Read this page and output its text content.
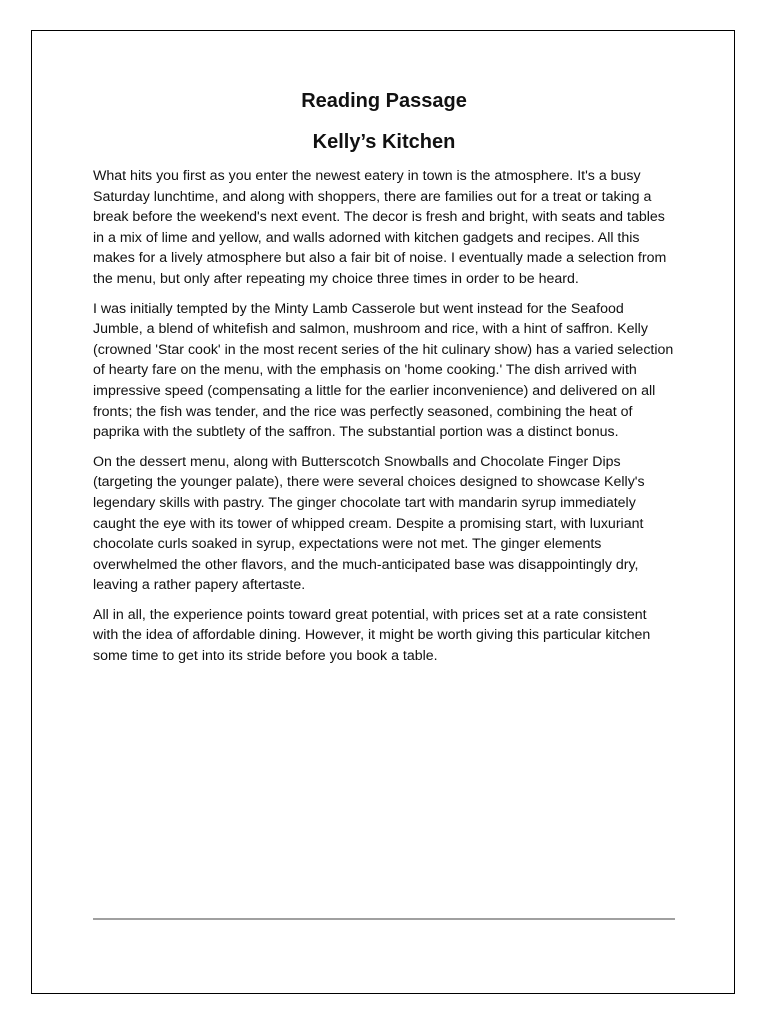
Reading Passage
Kelly’s Kitchen

What hits you first as you enter the newest eatery in town is the atmosphere. It's a busy Saturday lunchtime, and along with shoppers, there are families out for a treat or taking a break before the weekend's next event. The decor is fresh and bright, with seats and tables in a mix of lime and yellow, and walls adorned with kitchen gadgets and recipes. All this makes for a lively atmosphere but also a fair bit of noise. I eventually made a selection from the menu, but only after repeating my choice three times in order to be heard.

I was initially tempted by the Minty Lamb Casserole but went instead for the Seafood Jumble, a blend of whitefish and salmon, mushroom and rice, with a hint of saffron. Kelly (crowned 'Star cook' in the most recent series of the hit culinary show) has a varied selection of hearty fare on the menu, with the emphasis on 'home cooking.' The dish arrived with impressive speed (compensating a little for the earlier inconvenience) and delivered on all fronts; the fish was tender, and the rice was perfectly seasoned, combining the heat of paprika with the subtlety of the saffron. The substantial portion was a distinct bonus.

On the dessert menu, along with Butterscotch Snowballs and Chocolate Finger Dips (targeting the younger palate), there were several choices designed to showcase Kelly's legendary skills with pastry. The ginger chocolate tart with mandarin syrup immediately caught the eye with its tower of whipped cream. Despite a promising start, with luxuriant chocolate curls soaked in syrup, expectations were not met. The ginger elements overwhelmed the other flavors, and the much-anticipated base was disappointingly dry, leaving a rather papery aftertaste.

All in all, the experience points toward great potential, with prices set at a rate consistent with the idea of affordable dining. However, it might be worth giving this particular kitchen some time to get into its stride before you book a table.
